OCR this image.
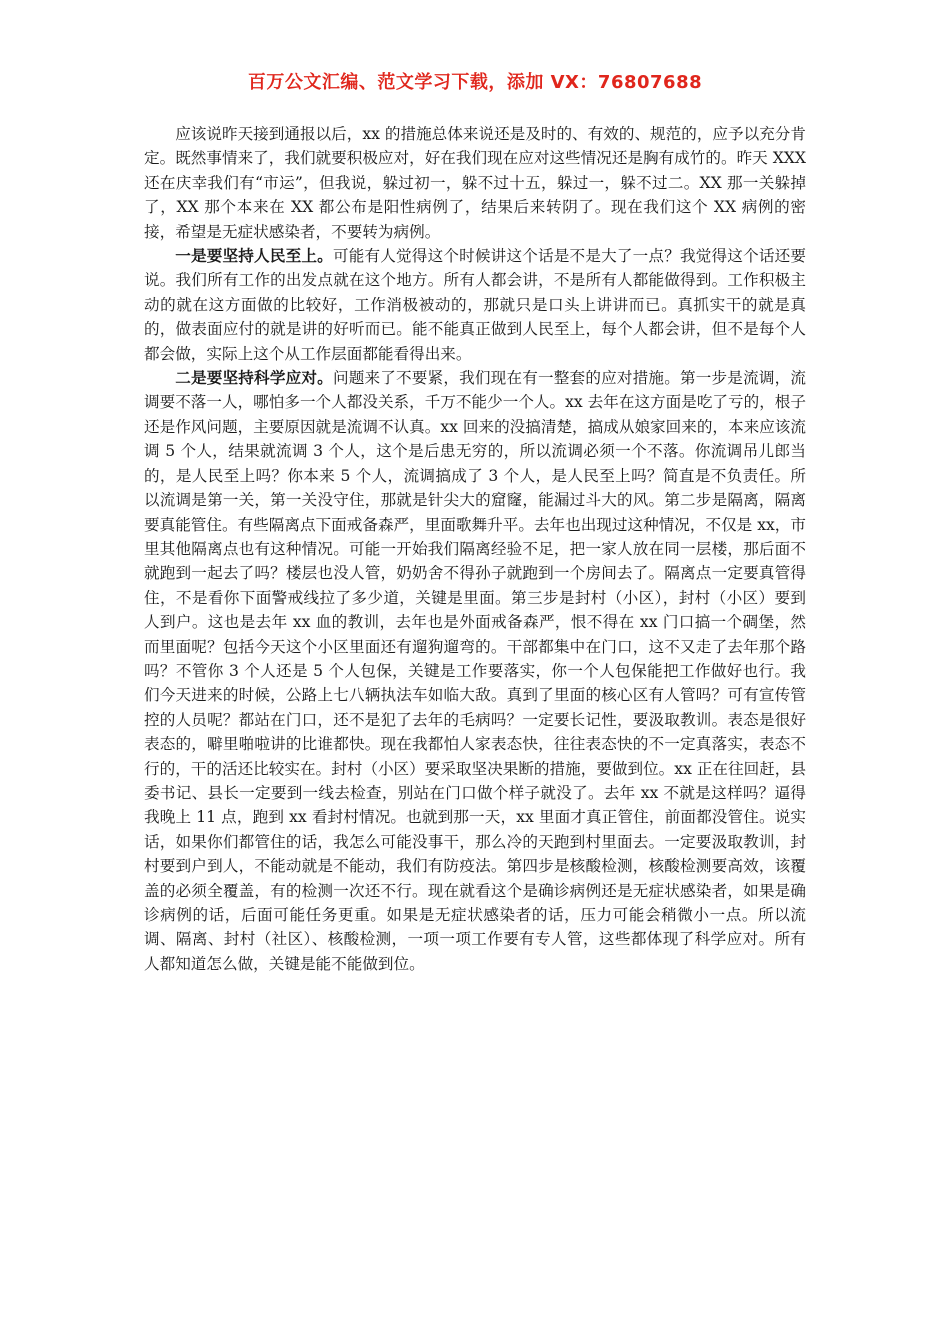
百万公文汇编、范文学习下载，添加 VX：76807688

应该说昨天接到通报以后，xx 的措施总体来说还是及时的、有效的、规范的，应予以充分肯定。既然事情来了，我们就要积极应对，好在我们现在应对这些情况还是胸有成竹的。昨天 XXX 还在庆幸我们有“市运”，但我说，躲过初一，躲不过十五，躲过一，躲不过二。XX 那一关躲掉了，XX 那个本来在 XX 都公布是阳性病例了，结果后来转阴了。现在我们这个 XX 病例的密接，希望是无症状感染者，不要转为病例。

一是要坚持人民至上。可能有人觉得这个时候讲这个话是不是大了一点？我觉得这个话还要说。我们所有工作的出发点就在这个地方。所有人都会讲，不是所有人都能做得到。工作积极主动的就在这方面做的比较好，工作消极被动的，那就只是口头上讲讲而已。真抓实干的就是真的，做表面应付的就是讲的好听而已。能不能真正做到人民至上，每个人都会讲，但不是每个人都会做，实际上这个从工作层面都能看得出来。

二是要坚持科学应对。问题来了不要紧，我们现在有一整套的应对措施。第一步是流调，流调要不落一人，哪怕多一个人都没关系，千万不能少一个人。xx 去年在这方面是吃了亏的，根子还是作风问题，主要原因就是流调不认真。xx 回来的没搞清楚，搞成从娘家回来的，本来应该流调 5 个人，结果就流调 3 个人，这个是后患无穷的，所以流调必须一个不落。你流调吊儿郎当的，是人民至上吗？你本来 5 个人，流调搞成了 3 个人，是人民至上吗？简直是不负责任。所以流调是第一关，第一关没守住，那就是针尖大的窟窿，能漏过斗大的风。第二步是隔离，隔离要真能管住。有些隔离点下面戒备森严，里面歌舞升平。去年也出现过这种情况，不仅是 xx，市里其他隔离点也有这种情况。可能一开始我们隔离经验不足，把一家人放在同一层楼，那后面不就跑到一起去了吗？楼层也没人管，奶奶舍不得孙子就跑到一个房间去了。隔离点一定要真管得住，不是看你下面警戒线拉了多少道，关键是里面。第三步是封村（小区），封村（小区）要到人到户。这也是去年 xx 血的教训，去年也是外面戒备森严，恨不得在 xx 门口搞一个碉堡，然而里面呢？包括今天这个小区里面还有遛狗遛弯的。干部都集中在门口，这不又走了去年那个路吗？不管你 3 个人还是 5 个人包保，关键是工作要落实，你一个人包保能把工作做好也行。我们今天进来的时候，公路上七八辆执法车如临大敌。真到了里面的核心区有人管吗？可有宣传管控的人员呢？都站在门口，还不是犯了去年的毛病吗？一定要长记性，要汲取教训。表态是很好表态的，噼里啪啦讲的比谁都快。现在我都怕人家表态快，往往表态快的不一定真落实，表态不行的，干的活还比较实在。封村（小区）要采取坚决果断的措施，要做到位。xx 正在往回赶，县委书记、县长一定要到一线去检查，别站在门口做个样子就没了。去年 xx 不就是这样吗？逼得我晚上 11 点，跑到 xx 看封村情况。也就到那一天，xx 里面才真正管住，前面都没管住。说实话，如果你们都管住的话，我怎么可能没事干，那么冷的天跑到村里面去。一定要汲取教训，封村要到户到人，不能动就是不能动，我们有防疫法。第四步是核酸检测，核酸检测要高效，该覆盖的必须全覆盖，有的检测一次还不行。现在就看这个是确诊病例还是无症状感染者，如果是确诊病例的话，后面可能任务更重。如果是无症状感染者的话，压力可能会稍微小一点。所以流调、隔离、封村（社区）、核酸检测，一项一项工作要有专人管，这些都体现了科学应对。所有人都知道怎么做，关键是能不能做到位。
